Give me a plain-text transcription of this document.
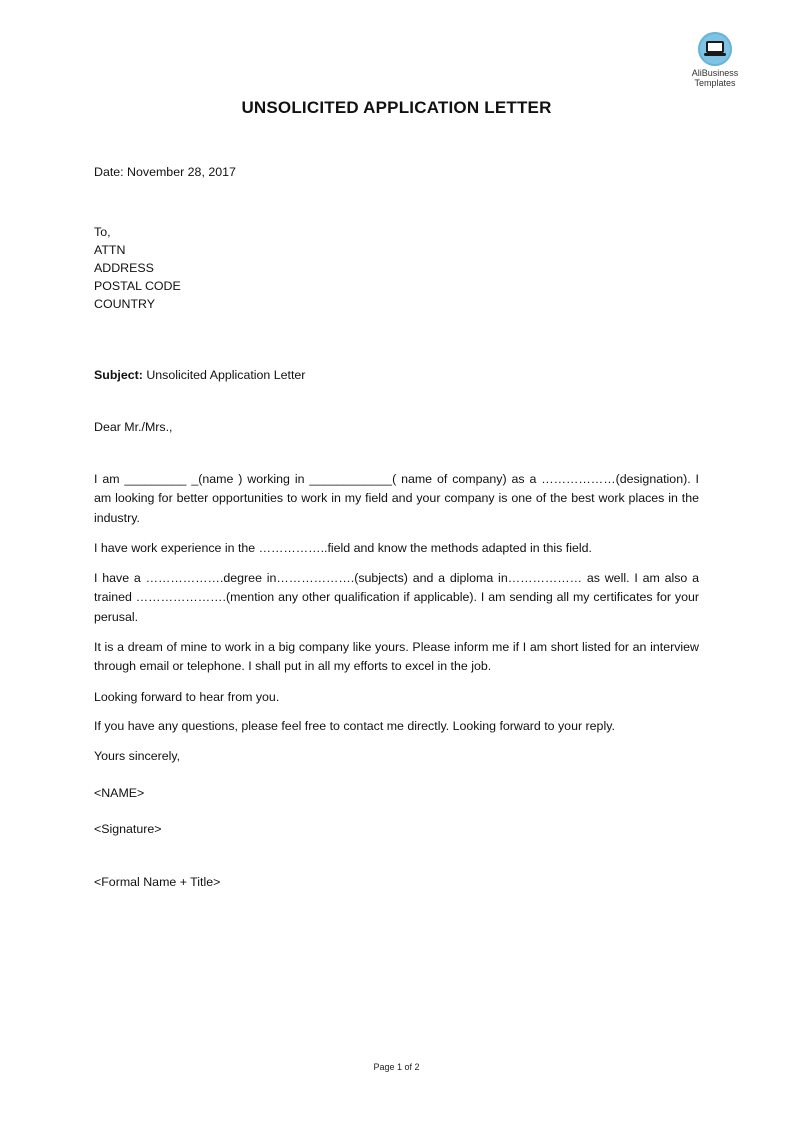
AliBusiness
Templates
UNSOLICITED APPLICATION LETTER
Date: November 28, 2017
To,
ATTN
ADDRESS
POSTAL CODE
COUNTRY
Subject: Unsolicited Application Letter
Dear Mr./Mrs.,
I am _________ _(name ) working in ____________( name of company) as a ………………(designation). I am looking for better opportunities to work in my field and your company is one of the best work places in the industry.
I have work experience in the ……………..field and know the methods adapted in this field.
I have a ……………….degree in……………….(subjects) and a diploma in……………… as well. I am also a trained ………………….(mention any other qualification if applicable). I am sending all my certificates for your perusal.
It is a dream of mine to work in a big company like yours. Please inform me if I am short listed for an interview through email or telephone. I shall put in all my efforts to excel in the job.
Looking forward to hear from you.
If you have any questions, please feel free to contact me directly. Looking forward to your reply.
Yours sincerely,
<NAME>
<Signature>
<Formal Name + Title>
Page 1 of 2
